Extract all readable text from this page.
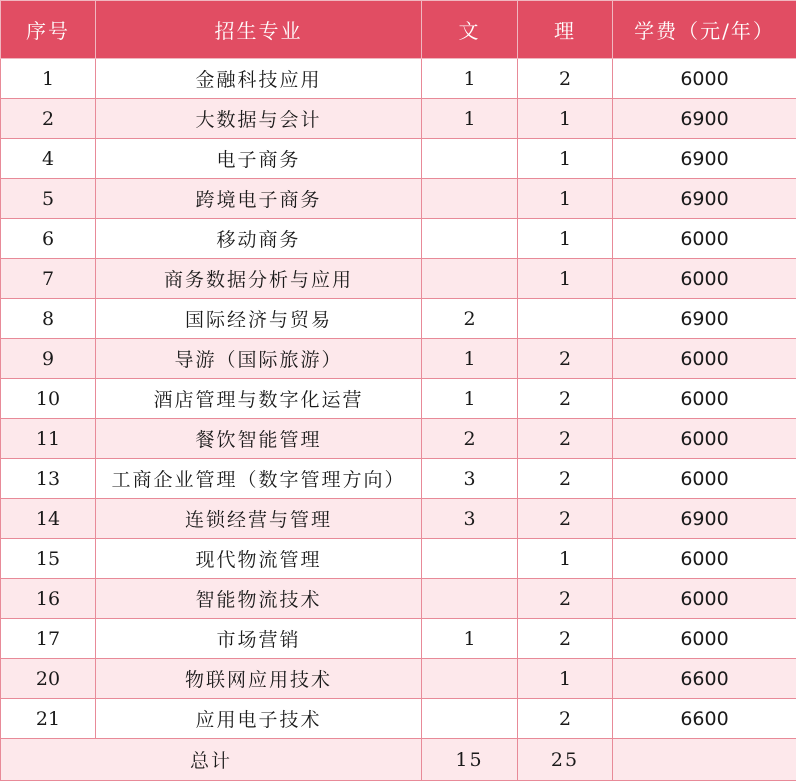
序号	招生专业	文	理	学费（元/年）
1	金融科技应用	1	2	6000
2	大数据与会计	1	1	6900
4	电子商务		1	6900
5	跨境电子商务		1	6900
6	移动商务		1	6000
7	商务数据分析与应用		1	6000
8	国际经济与贸易	2		6900
9	导游（国际旅游）	1	2	6000
10	酒店管理与数字化运营	1	2	6000
11	餐饮智能管理	2	2	6000
13	工商企业管理（数字管理方向）	3	2	6000
14	连锁经营与管理	3	2	6900
15	现代物流管理		1	6000
16	智能物流技术		2	6000
17	市场营销	1	2	6000
20	物联网应用技术		1	6600
21	应用电子技术		2	6600
总计		15	25	
